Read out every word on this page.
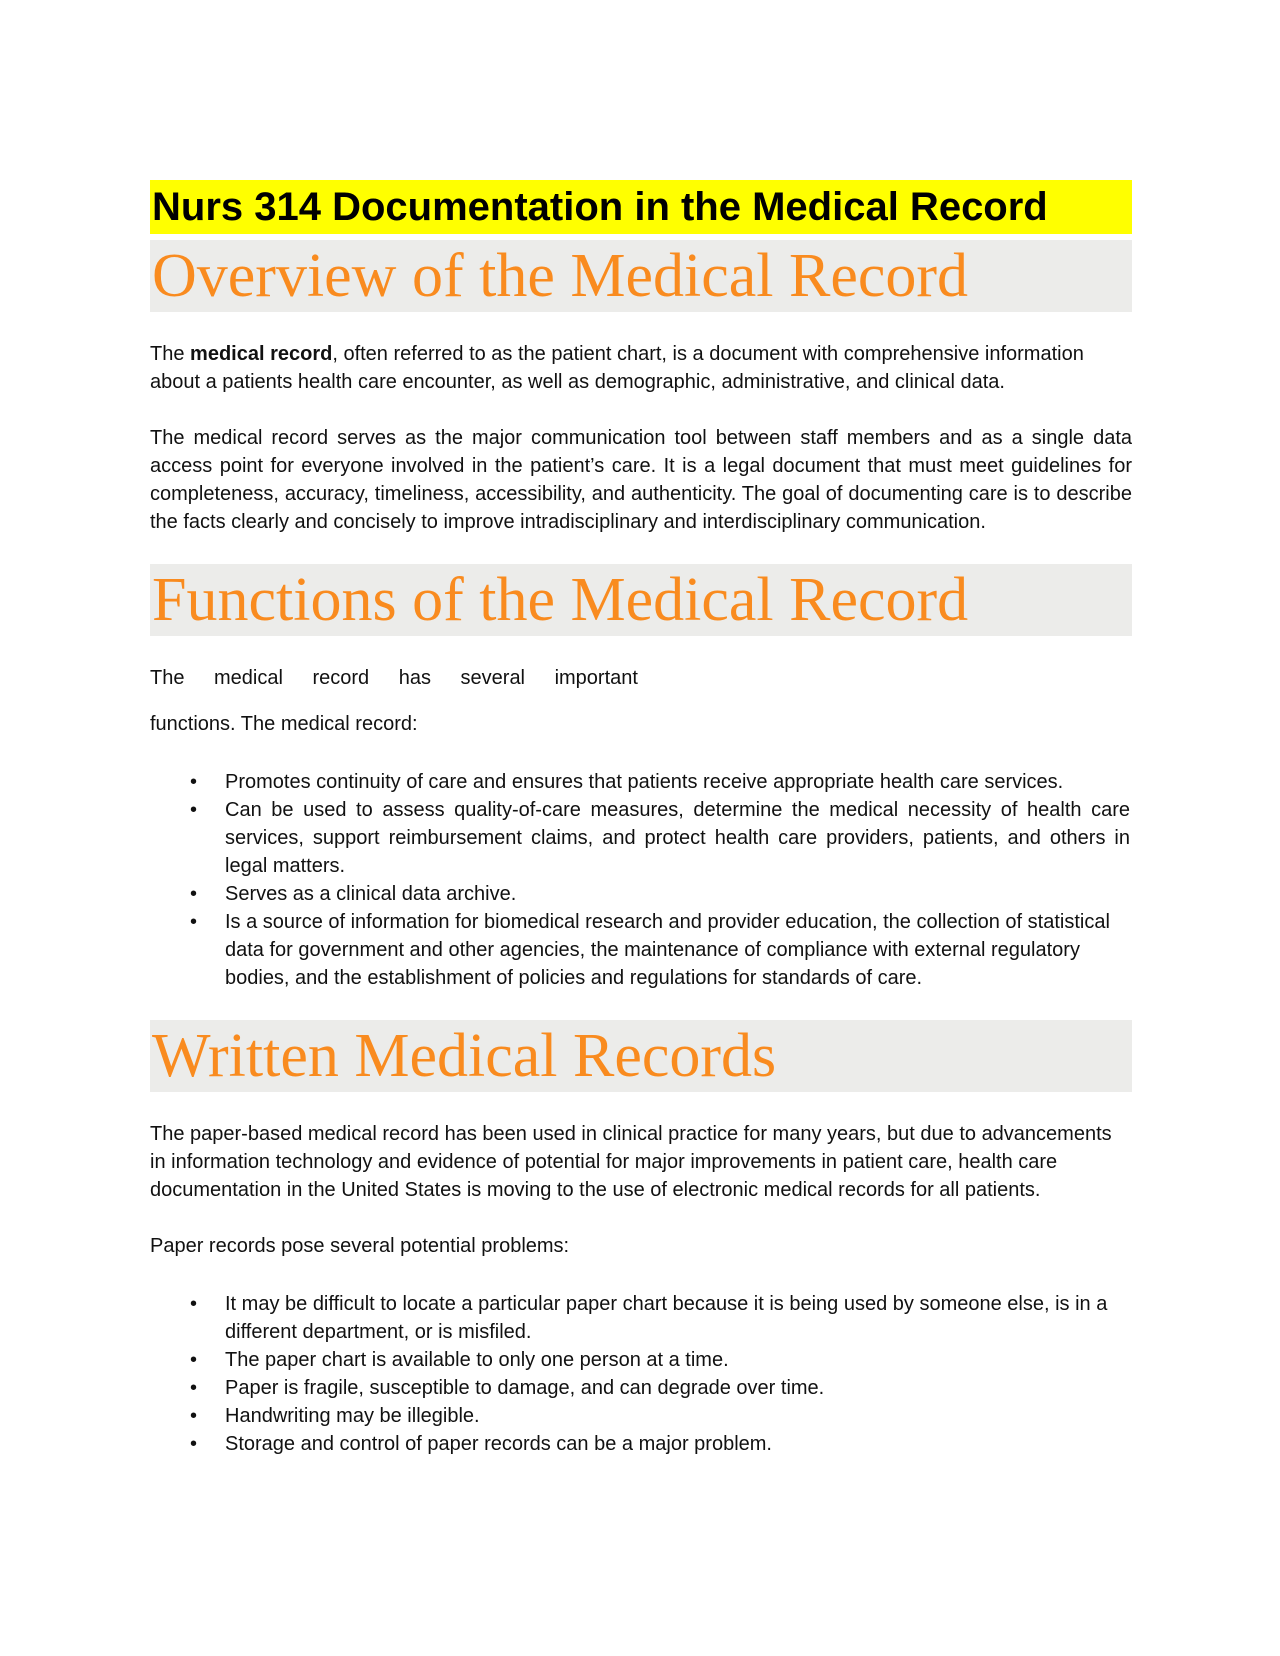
Nurs 314 Documentation in the Medical Record
Overview of the Medical Record

The medical record, often referred to as the patient chart, is a document with comprehensive information about a patients health care encounter, as well as demographic, administrative, and clinical data.

The medical record serves as the major communication tool between staff members and as a single data access point for everyone involved in the patient’s care. It is a legal document that must meet guidelines for completeness, accuracy, timeliness, accessibility, and authenticity. The goal of documenting care is to describe the facts clearly and concisely to improve intradisciplinary and interdisciplinary communication.

Functions of the Medical Record
The medical record has several important

functions. The medical record:

• Promotes continuity of care and ensures that patients receive appropriate health care services.
• Can be used to assess quality-of-care measures, determine the medical necessity of health care services, support reimbursement claims, and protect health care providers, patients, and others in legal matters.
• Serves as a clinical data archive.
• Is a source of information for biomedical research and provider education, the collection of statistical data for government and other agencies, the maintenance of compliance with external regulatory bodies, and the establishment of policies and regulations for standards of care.
Written Medical Records

The paper-based medical record has been used in clinical practice for many years, but due to advancements in information technology and evidence of potential for major improvements in patient care, health care documentation in the United States is moving to the use of electronic medical records for all patients.

Paper records pose several potential problems:

• It may be difficult to locate a particular paper chart because it is being used by someone else, is in a different department, or is misfiled.
• The paper chart is available to only one person at a time.
• Paper is fragile, susceptible to damage, and can degrade over time.
• Handwriting may be illegible.
• Storage and control of paper records can be a major problem.
